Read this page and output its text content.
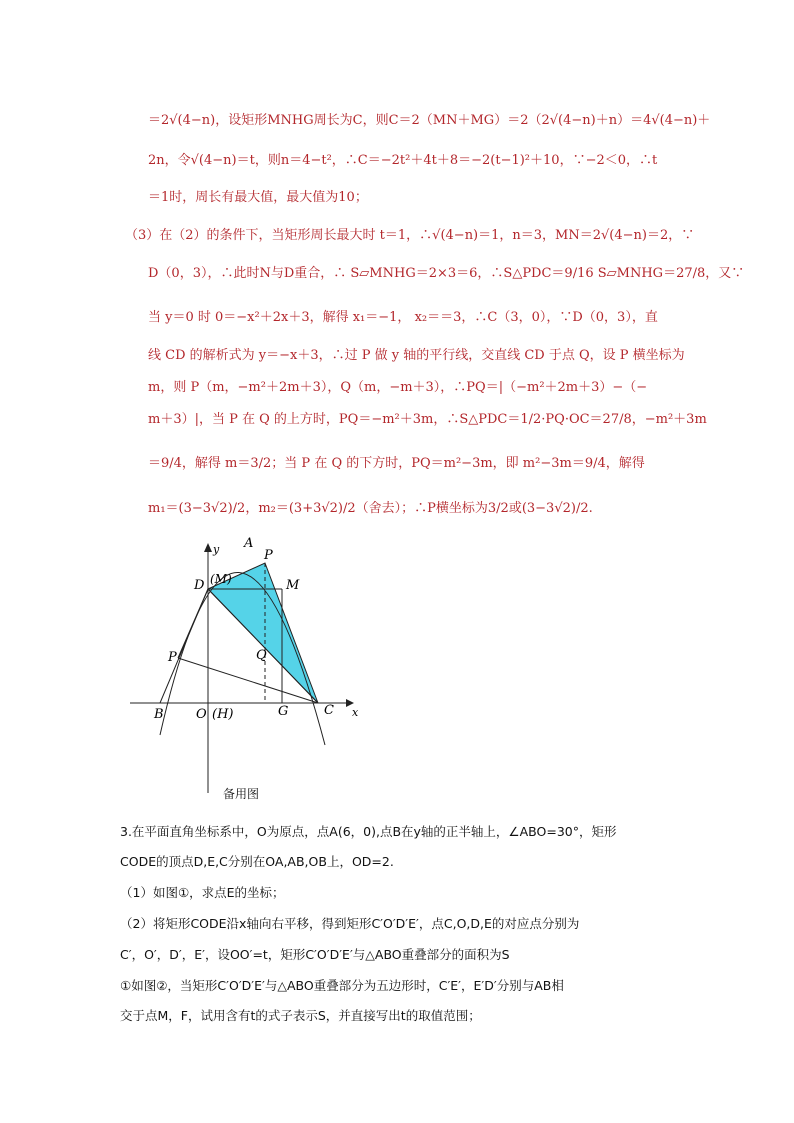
＝2√(4−n)，设矩形MNHG周长为C，则C＝2（MN＋MG）＝2（2√(4−n)＋n）＝4√(4−n)＋
2n，令√(4−n)＝t，则n＝4−t²，∴C＝−2t²＋4t＋8＝−2(t−1)²＋10，∵−2＜0，∴t
＝1时，周长有最大值，最大值为10；
（3）在（2）的条件下，当矩形周长最大时 t＝1，∴√(4−n)＝1，n＝3，MN＝2√(4−n)＝2，∵
D（0，3），∴此时N与D重合，∴ S▱MNHG＝2×3＝6，∴S△PDC＝9/16 S▱MNHG＝27/8，又∵
当 y＝0 时 0＝−x²＋2x＋3，解得 x₁＝−1， x₂＝＝3，∴C（3，0），∵D（0，3），直
线 CD 的解析式为 y＝−x＋3，∴过 P 做 y 轴的平行线，交直线 CD 于点 Q，设 P 横坐标为
m，则 P（m，−m²＋2m＋3），Q（m，−m＋3），∴PQ＝|（−m²＋2m＋3）−（−
m＋3）|，当 P 在 Q 的上方时，PQ＝−m²＋3m，∴S△PDC＝1/2·PQ·OC＝27/8，−m²＋3m
＝9/4，解得 m＝3/2；当 P 在 Q 的下方时，PQ＝m²−3m，即 m²−3m＝9/4，解得
m₁＝(3−3√2)/2，m₂＝(3+3√2)/2（舍去）；∴P横坐标为3/2或(3−3√2)/2.
A
P
y
D (M)	M
Q
P
B O (H)	G	C x
备用图
3.在平面直角坐标系中，O为原点，点A(6，0),点B在y轴的正半轴上，∠ABO=30°，矩形
CODE的顶点D,E,C分别在OA,AB,OB上，OD=2.
（1）如图①，求点E的坐标；
（2）将矩形CODE沿x轴向右平移，得到矩形C′O′D′E′，点C,O,D,E的对应点分别为
C′，O′，D′，E′，设OO′=t，矩形C′O′D′E′与△ABO重叠部分的面积为S
①如图②，当矩形C′O′D′E′与△ABO重叠部分为五边形时，C′E′，E′D′分别与AB相
交于点M，F，试用含有t的式子表示S，并直接写出t的取值范围；
